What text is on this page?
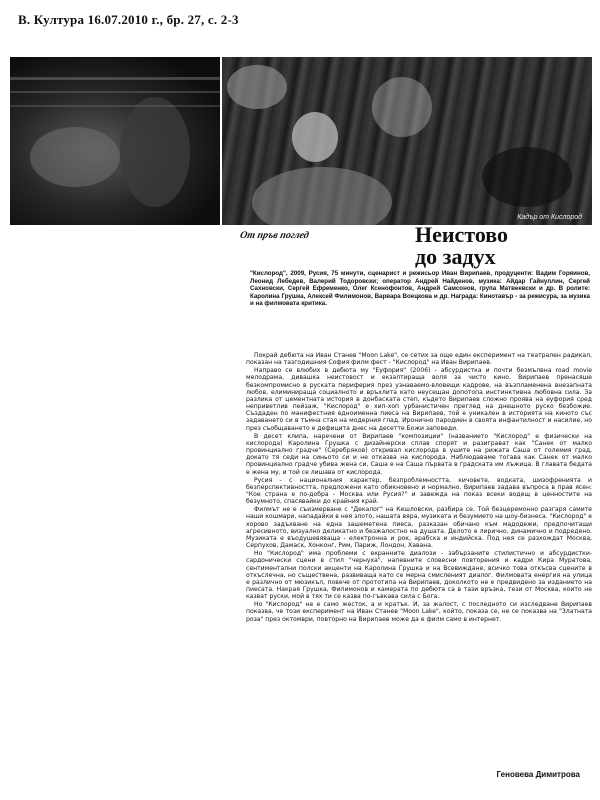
В. Култура 16.07.2010 г., бр. 27, с. 2-3
Кадър от Кислород
От пръв поглед	Неистово
до задух
"Кислород", 2009, Русия, 75 минути, сценарист и режисьор Иван Вирипаев, продуценти: Вадим Горяинов, Леонид Лебедев, Валерий Тодоровски; оператор Андрей Найденов, музика: Айдар Гайнуллин, Сергей Сахновски, Сергей Ефременко, Олег Ксенофонтов, Андрей Самсонов, група Матвеевски и др. В ролите: Каролина Грушка, Алексей Филимонов, Варвара Воецкова и др. Награда: Кинотавър - за режисура, за музика и на филмовата критика.

Покрай дебюта на Иван Станев "Moon Lake", се сетих за още един експеримент на театрален радикал, показан на тазгодишния София филм фест - "Кислород" на Иван Вирипаев.

Направо се влюбих в дебюта му "Еуфория" (2006) - абсурдистка и почти безмълвна road movie мелодрама, дивашка неистовост и екзалтираща воля за чисто кино. Вирипаев пренасяше безкомпромисно в руската периферия през узнаваемо-вловещи кадрове, на възпламенена внезапната любов, елиминираща социалното и връхлита като неусещан допотопа инстинктивна любовна сила. За разлика от цементната история в донбаската степ, където Вирипаев сложно проява на еуфория сред неприветлив пейзаж, "Кислород" е хип-хоп урбанистичен преглед на днешното руско безбожие. Създаден по манифестния едноименна пиеса на Вирипаев, той е уникален в историята на киното със задаването си в тъмна стая на модерния глад. Иронично пародиен в своята инфантилност и насилие, но през съобщаването е дефицита днес на десетте Божи заповеди.

В десет клипа, наречени от Вирипаев "композиции" (названието "Кислород" е физически на кислорода) Каролина Грушка с дизайнерски сплав спорят и разиграват как "Санек от малко провинциално градче" (Серебряков) откривал кислорода в ушите на рижата Саша от големия град, докато тя седи на синьото си и не отказва на кислорода. Наблюдаваме тогава как Санек от малко провинциално градче убива жена си, Саша е на Саша първата в градската им лъжица. В главата бедата е жена му, и той се лишава от кислорода.

Русия - с националния характер, безпроблемността, кичовете, водката, шизофренията и безперспективността, предложени като обикновено и нормално. Вирипаев задава въпроса в прав ясен: "Кое страна е по-добра - Москва или Русия?" и завежда на показ всеки водещ в ценностите на безумното, спасявайки до крайния край.

Филмът не е съизмерване с "Декалог" на Кешловски, разбира се. Той безцеремонно разгаря самите наши кошмари, нападайки в нея злото, нашата вяра, музиката и безумието на шоу-бизнеса. "Кислород" е хорово задъхване на една зашеметена пиеса, разказан обичано към мадодежи, предпочитащи агресивното, визуално деликатно и безжалостно на душата. Делото е лирично, динамично и подредено. Музиката е въодушевяваща - електронна и рок, арабска и индийска. Под нея се разхождат Москва, Серпухов, Дамаск, Хонконг, Рим, Париж, Лондон, Хавана.

Но "Кислород" има проблеми с екранните диалози - забързаните стилистично и абсурдистки-сардонически сцени в стил "чернуха", напевните словесни повторения и кадри Кира Муратова, сентиментални полски акценти на Каролина Грушка и на Всевиждане, всичко това откъсва сцените в откъслечна, но съществена, развиваща като се мерна смисленият диалог. Филмовата енергия на улица е различно от мюзикъл, повече от прототипа на Вирипаев, доколкото не е предвидено за изданието на пиесата. Накрая Грушка, Филимонов и камерата по дебюта са в тази връзка, тези от Москва, които не казват руски, мой в тях ти се казва по-гъвкава сила с Бога.

Но "Кислород" не е само жесток, а и кратък. И, за жалост, с последното си изследване Вирипаев показва, че този експеримент на Иван Станев "Moon Lake", който, показа се, не се показва на "Златната роза" през октомври, повторно на Вирипаев може да е филм само в интернет.

Геновева Димитрова
